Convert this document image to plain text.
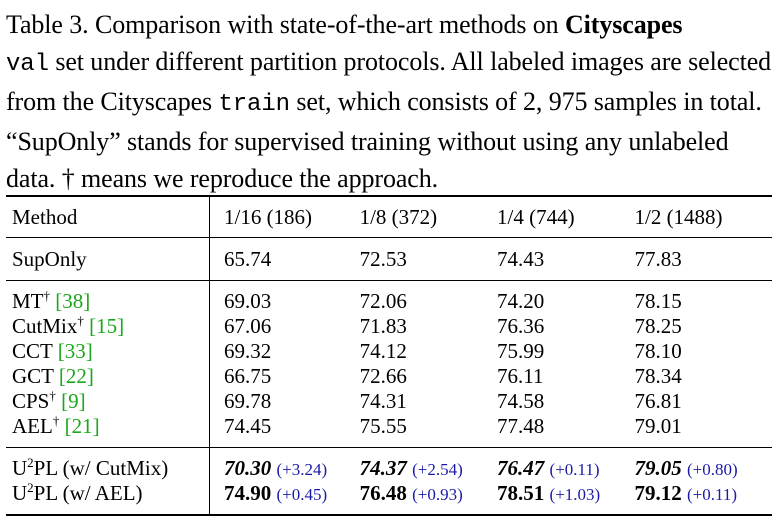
Table 3. Comparison with state-of-the-art methods on Cityscapes
val set under different partition protocols. All labeled images are selected from the Cityscapes train set, which consists of 2, 975 samples in total. “SupOnly” stands for supervised training without using any unlabeled data. † means we reproduce the approach.
Method	1/16 (186)	1/8 (372)	1/4 (744)	1/2 (1488)
SupOnly	65.74	72.53	74.43	77.83
MT† [38]	69.03	72.06	74.20	78.15
CutMix† [15]	67.06	71.83	76.36	78.25
CCT [33]	69.32	74.12	75.99	78.10
GCT [22]	66.75	72.66	76.11	78.34
CPS† [9]	69.78	74.31	74.58	76.81
AEL† [21]	74.45	75.55	77.48	79.01
$U^2PL$ (w/ CutMix)	70.30 (+3.24)	74.37 (+2.54)	76.47 (+0.11)	79.05 (+0.80)
$U^2PL$ (w/ AEL)	74.90 (+0.45)	76.48 (+0.93)	78.51 (+1.03)	79.12 (+0.11)
